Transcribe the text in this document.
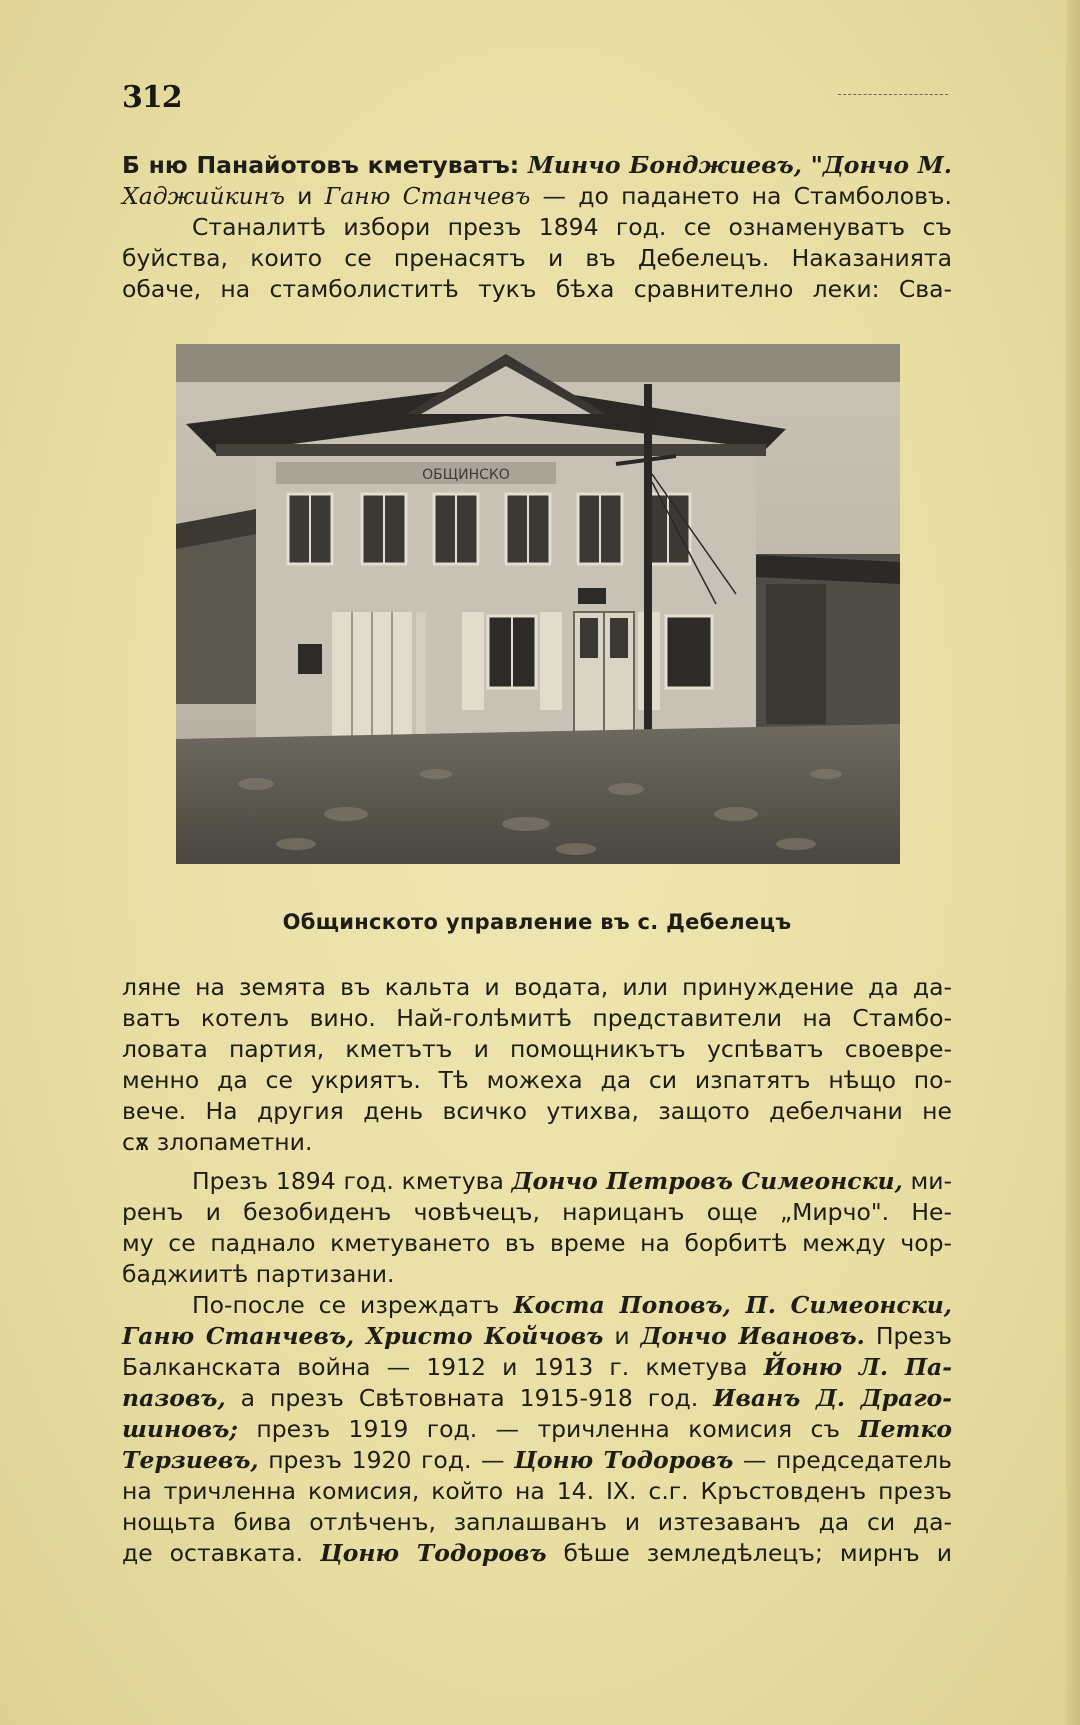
312
Б ню Панайотовъ кметуватъ: Минчо Бонджиевъ, "Дончо М.
Хаджийкинъ и Ганю Станчевъ — до падането на Стамболовъ.
Станалитѣ избори презъ 1894 год. се ознаменуватъ съ
буйства, които се пренасятъ и въ Дебелецъ. Наказанията
обаче, на стамболиститѣ тукъ бѣха сравнително леки: Сва-
ОБЩИНСКО
Общинското управление въ с. Дебелецъ
ляне на земята въ кальта и водата, или принуждение да да-
ватъ котелъ вино. Най-голѣмитѣ представители на Стамбо-
ловата партия, кметътъ и помощникътъ успѣватъ своевре-
менно да се укриятъ. Тѣ можеха да си изпатятъ нѣщо по-
вече. На другия день всичко утихва, защото дебелчани не
сѫ злопаметни.
Презъ 1894 год. кметува Дончо Петровъ Симеонски, ми-
ренъ и безобиденъ човѣчецъ, нарицанъ още „Мирчо". Не-
му се паднало кметуването въ време на борбитѣ между чор-
баджиитѣ партизани.
По-после се изреждатъ Коста Поповъ, П. Симеонски,
Ганю Станчевъ, Христо Койчовъ и Дончо Ивановъ. Презъ
Балканската война — 1912 и 1913 г. кметува Йоню Л. Па-
пазовъ, а презъ Свѣтовната 1915-918 год. Иванъ Д. Драго-
шиновъ; презъ 1919 год. — тричленна комисия съ Петко
Терзиевъ, презъ 1920 год. — Цоню Тодоровъ — председатель
на тричленна комисия, който на 14. IX. с.г. Кръстовденъ презъ
нощьта бива отлѣченъ, заплашванъ и изтезаванъ да си да-
де оставката. Цоню Тодоровъ бѣше земледѣлецъ; мирнъ и
